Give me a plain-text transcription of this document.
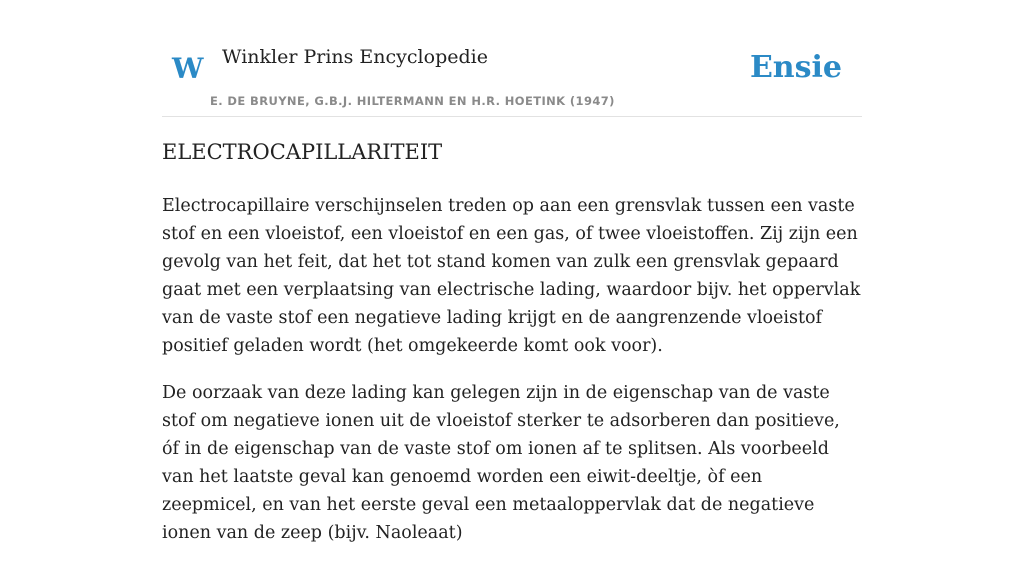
W Winkler Prins Encyclopedie
E. DE BRUYNE, G.B.J. HILTERMANN EN H.R. HOETINK (1947)
Ensie
ELECTROCAPILLARITEIT

Electrocapillaire verschijnselen treden op aan een grensvlak tussen een vaste stof en een vloeistof, een vloeistof en een gas, of twee vloeistoffen. Zij zijn een gevolg van het feit, dat het tot stand komen van zulk een grensvlak gepaard gaat met een verplaatsing van electrische lading, waardoor bijv. het oppervlak van de vaste stof een negatieve lading krijgt en de aangrenzende vloeistof positief geladen wordt (het omgekeerde komt ook voor).

De oorzaak van deze lading kan gelegen zijn in de eigenschap van de vaste stof om negatieve ionen uit de vloeistof sterker te adsorberen dan positieve, óf in de eigenschap van de vaste stof om ionen af te splitsen. Als voorbeeld van het laatste geval kan genoemd worden een eiwit-deeltje, òf een zeepmicel, en van het eerste geval een metaaloppervlak dat de negatieve ionen van de zeep (bijv. Naoleaat)
